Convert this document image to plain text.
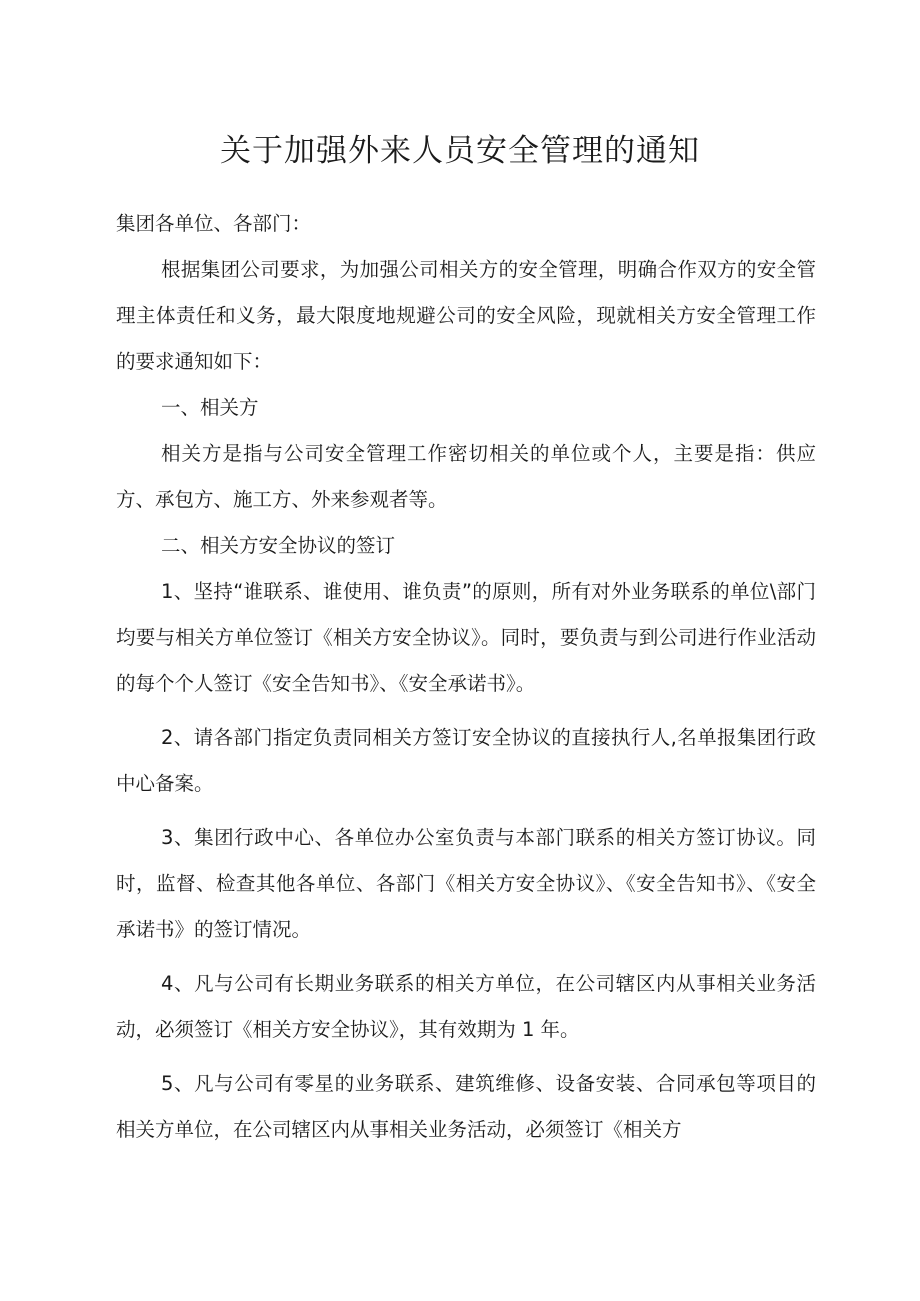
关于加强外来人员安全管理的通知

集团各单位、各部门：

根据集团公司要求，为加强公司相关方的安全管理，明确合作双方的安全管理主体责任和义务，最大限度地规避公司的安全风险，现就相关方安全管理工作的要求通知如下：

一、相关方

相关方是指与公司安全管理工作密切相关的单位或个人，主要是指：供应方、承包方、施工方、外来参观者等。

二、相关方安全协议的签订

1、坚持“谁联系、谁使用、谁负责”的原则，所有对外业务联系的单位\部门均要与相关方单位签订《相关方安全协议》。同时，要负责与到公司进行作业活动的每个个人签订《安全告知书》、《安全承诺书》。

2、请各部门指定负责同相关方签订安全协议的直接执行人,名单报集团行政中心备案。

3、集团行政中心、各单位办公室负责与本部门联系的相关方签订协议。同时，监督、检查其他各单位、各部门《相关方安全协议》、《安全告知书》、《安全承诺书》的签订情况。

4、凡与公司有长期业务联系的相关方单位，在公司辖区内从事相关业务活动，必须签订《相关方安全协议》，其有效期为 1 年。

5、凡与公司有零星的业务联系、建筑维修、设备安装、合同承包等项目的相关方单位，在公司辖区内从事相关业务活动，必须签订《相关方
